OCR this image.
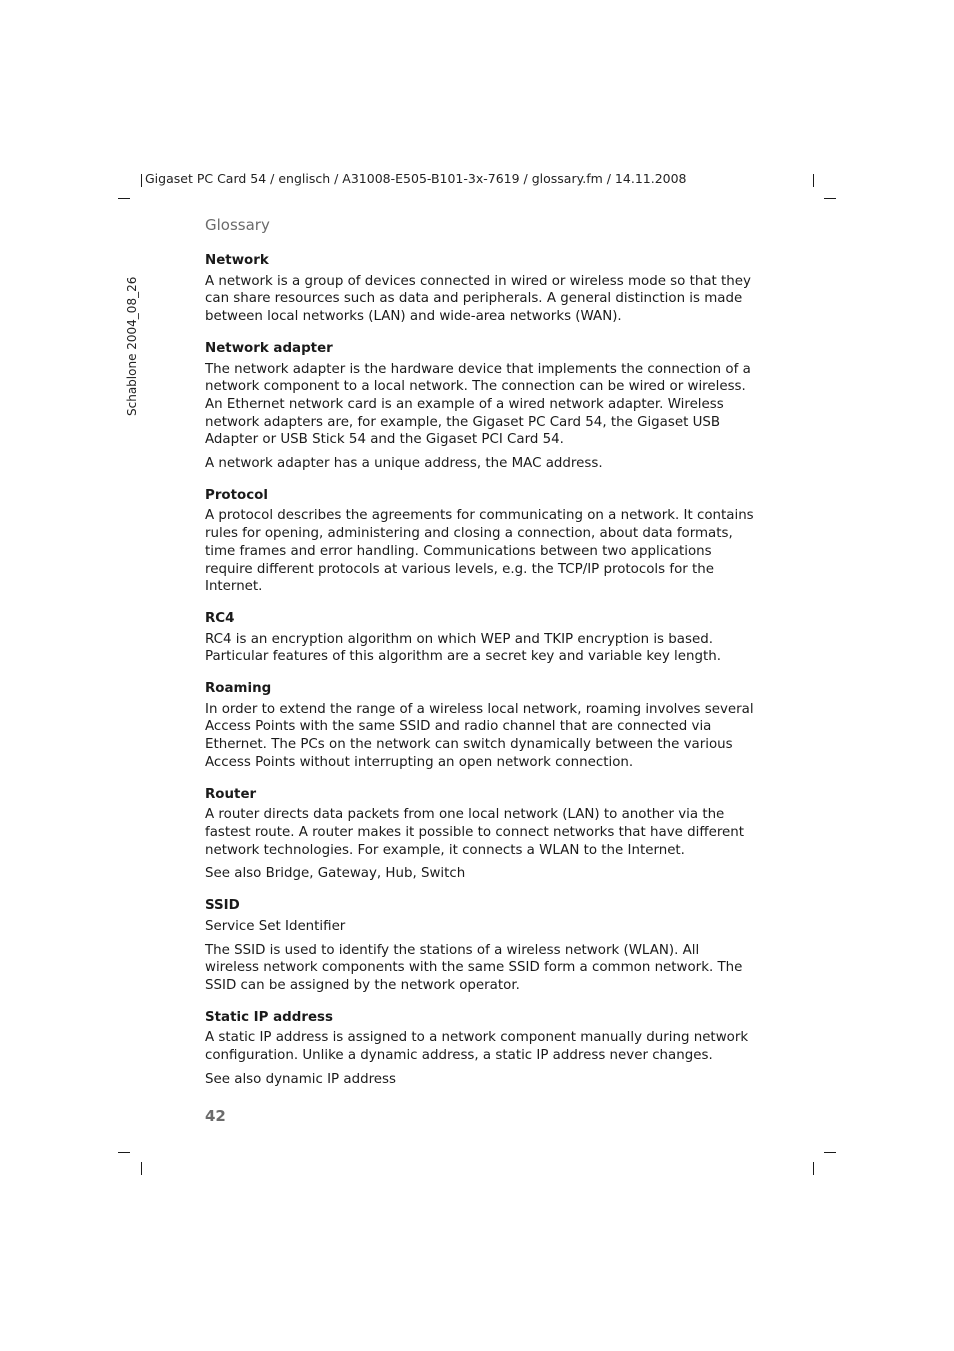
Gigaset PC Card 54 / englisch / A31008-E505-B101-3x-7619 / glossary.fm / 14.11.2008
Schablone 2004_08_26
Glossary
Network

A network is a group of devices connected in wired or wireless mode so that they can share resources such as data and peripherals. A general distinction is made between local networks (LAN) and wide-area networks (WAN).

Network adapter

The network adapter is the hardware device that implements the connection of a network component to a local network. The connection can be wired or wireless. An Ethernet network card is an example of a wired network adapter. Wireless network adapters are, for example, the Gigaset PC Card 54, the Gigaset USB Adapter or USB Stick 54 and the Gigaset PCI Card 54.

A network adapter has a unique address, the MAC address.

Protocol

A protocol describes the agreements for communicating on a network. It contains rules for opening, administering and closing a connection, about data formats, time frames and error handling. Communications between two applications require different protocols at various levels, e.g. the TCP/IP protocols for the Internet.

RC4

RC4 is an encryption algorithm on which WEP and TKIP encryption is based. Particular features of this algorithm are a secret key and variable key length.

Roaming

In order to extend the range of a wireless local network, roaming involves several Access Points with the same SSID and radio channel that are connected via Ethernet. The PCs on the network can switch dynamically between the various Access Points without interrupting an open network connection.

Router

A router directs data packets from one local network (LAN) to another via the fastest route. A router makes it possible to connect networks that have different network technologies. For example, it connects a WLAN to the Internet.

See also Bridge, Gateway, Hub, Switch

SSID

Service Set Identifier

The SSID is used to identify the stations of a wireless network (WLAN). All wireless network components with the same SSID form a common network. The SSID can be assigned by the network operator.

Static IP address

A static IP address is assigned to a network component manually during network configuration. Unlike a dynamic address, a static IP address never changes.

See also dynamic IP address

42
